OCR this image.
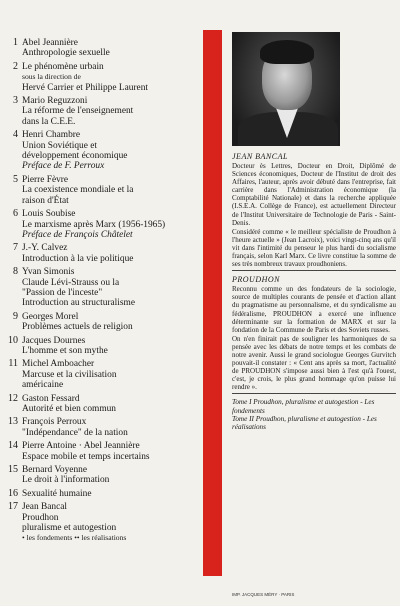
1 Abel Jeannière
Anthropologie sexuelle
2 Le phénomène urbain
sous la direction de
Hervé Carrier et Philippe Laurent
3 Mario Reguzzoni
La réforme de l'enseignement
dans la C.E.E.
4 Henri Chambre
Union Soviétique et
développement économique
Préface de F. Perroux
5 Pierre Fèvre
La coexistence mondiale et la
raison d'État
6 Louis Soubise
Le marxisme après Marx (1956-1965)
Préface de François Châtelet
7 J.-Y. Calvez
Introduction à la vie politique
8 Yvan Simonis
Claude Lévi-Strauss ou la
"Passion de l'inceste"
Introduction au structuralisme
9 Georges Morel
Problèmes actuels de religion
10 Jacques Dournes
L'homme et son mythe
11 Michel Amboacher
Marcuse et la civilisation
américaine
12 Gaston Fessard
Autorité et bien commun
13 François Perroux
"Indépendance" de la nation
14 Pierre Antoine · Abel Jeannière
Espace mobile et temps incertains
15 Bernard Voyenne
Le droit à l'information
16 Sexualité humaine
17 Jean Bancal
Proudhon
pluralisme et autogestion
• les fondements •• les réalisations
JEAN BANCAL

Docteur ès Lettres, Docteur en Droit, Diplômé de Sciences économiques, Docteur de l'Institut de droit des Affaires, l'auteur, après avoir débuté dans l'entreprise, fait carrière dans l'Administration économique (la Comptabilité Nationale) et dans la recherche appliquée (I.S.E.A. Collège de France), est actuellement Directeur de l'Institut Universitaire de Technologie de Paris - Saint-Denis.

Considéré comme « le meilleur spécialiste de Proudhon à l'heure actuelle » (Jean Lacroix), voici vingt-cinq ans qu'il vit dans l'intimité du penseur le plus hardi du socialisme français, selon Karl Marx. Ce livre constitue la somme de ses très nombreux travaux proudhoniens.

PROUDHON

Reconnu comme un des fondateurs de la sociologie, source de multiples courants de pensée et d'action allant du pragmatisme au personnalisme, et du syndicalisme au fédéralisme, PROUDHON a exercé une influence déterminante sur la formation de MARX et sur la fondation de la Commune de Paris et des Soviets russes.

On n'en finirait pas de souligner les harmoniques de sa pensée avec les débats de notre temps et les combats de notre avenir. Aussi le grand sociologue Georges Gurvitch pouvait-il constater : « Cent ans après sa mort, l'actualité de PROUDHON s'impose aussi bien à l'est qu'à l'ouest, c'est, je crois, le plus grand hommage qu'on puisse lui rendre ».

Tome I Proudhon, pluralisme et autogestion - Les fondements

Tome II Proudhon, pluralisme et autogestion - Les réalisations

IMP. JACQUES MÉRY · PARIS
